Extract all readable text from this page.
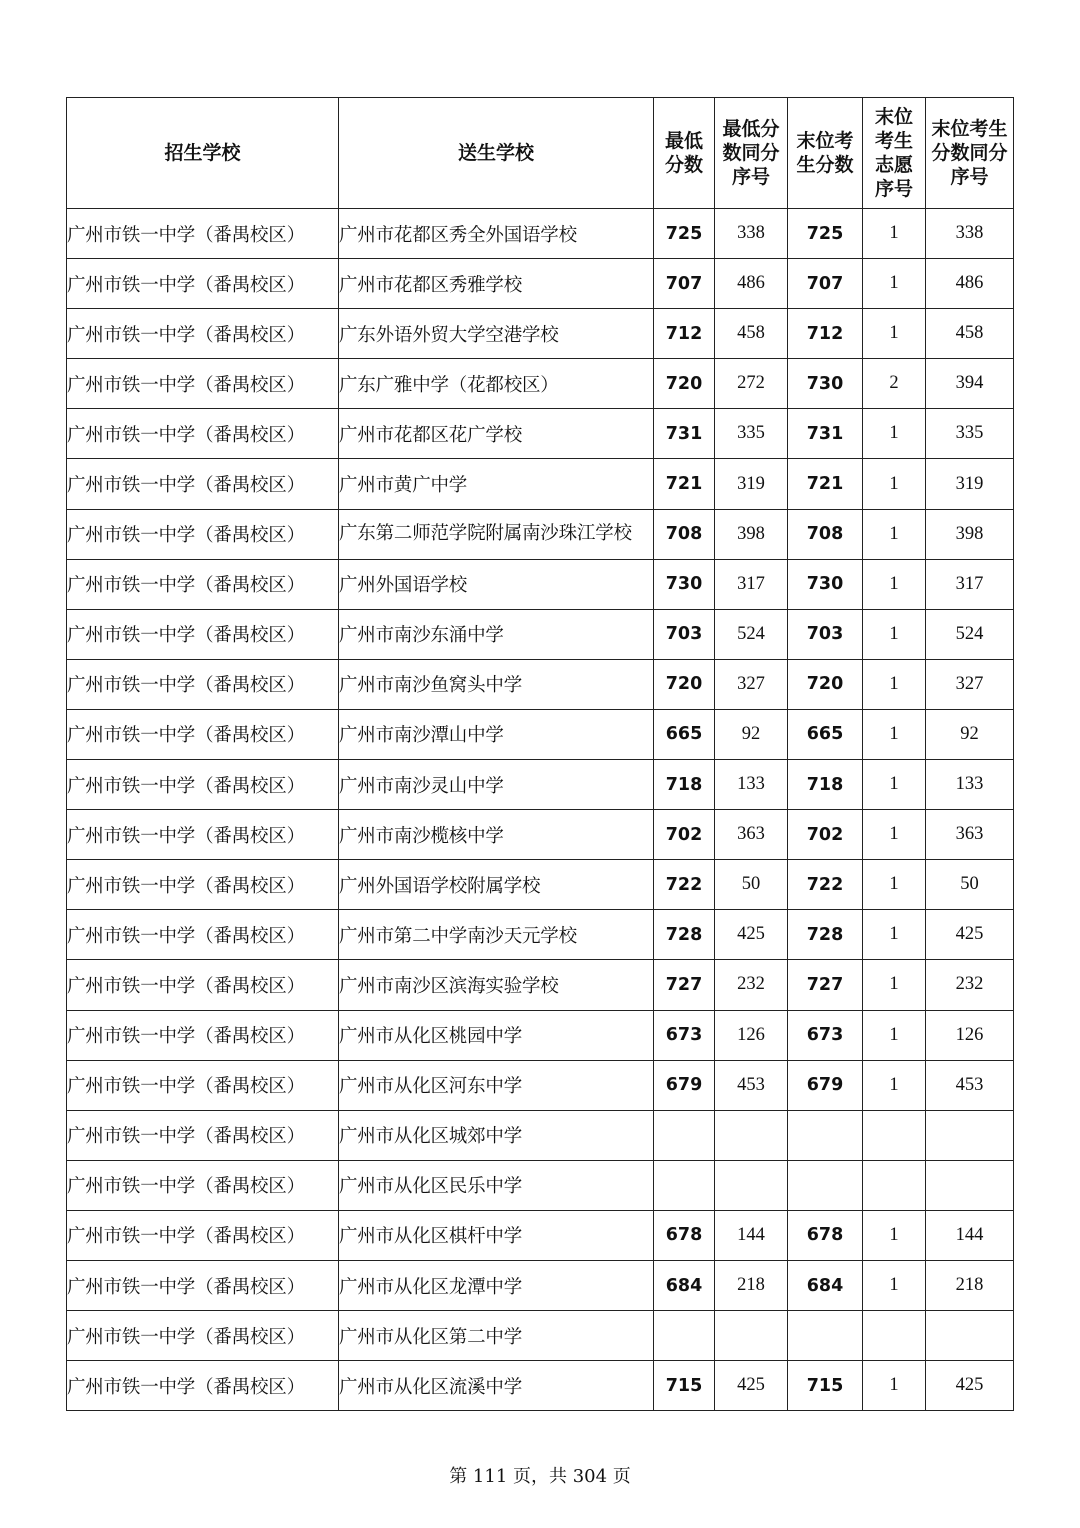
招生学校	送生学校	最低分数	最低分数同分序号	末位考生分数	末位考生志愿序号	末位考生分数同分序号
广州市铁一中学（番禺校区）	广州市花都区秀全外国语学校	725	338	725	1	338
广州市铁一中学（番禺校区）	广州市花都区秀雅学校	707	486	707	1	486
广州市铁一中学（番禺校区）	广东外语外贸大学空港学校	712	458	712	1	458
广州市铁一中学（番禺校区）	广东广雅中学（花都校区）	720	272	730	2	394
广州市铁一中学（番禺校区）	广州市花都区花广学校	731	335	731	1	335
广州市铁一中学（番禺校区）	广州市黄广中学	721	319	721	1	319
广州市铁一中学（番禺校区）	广东第二师范学院附属南沙珠江学校	708	398	708	1	398
广州市铁一中学（番禺校区）	广州外国语学校	730	317	730	1	317
广州市铁一中学（番禺校区）	广州市南沙东涌中学	703	524	703	1	524
广州市铁一中学（番禺校区）	广州市南沙鱼窝头中学	720	327	720	1	327
广州市铁一中学（番禺校区）	广州市南沙潭山中学	665	92	665	1	92
广州市铁一中学（番禺校区）	广州市南沙灵山中学	718	133	718	1	133
广州市铁一中学（番禺校区）	广州市南沙榄核中学	702	363	702	1	363
广州市铁一中学（番禺校区）	广州外国语学校附属学校	722	50	722	1	50
广州市铁一中学（番禺校区）	广州市第二中学南沙天元学校	728	425	728	1	425
广州市铁一中学（番禺校区）	广州市南沙区滨海实验学校	727	232	727	1	232
广州市铁一中学（番禺校区）	广州市从化区桃园中学	673	126	673	1	126
广州市铁一中学（番禺校区）	广州市从化区河东中学	679	453	679	1	453
广州市铁一中学（番禺校区）	广州市从化区城郊中学					
广州市铁一中学（番禺校区）	广州市从化区民乐中学					
广州市铁一中学（番禺校区）	广州市从化区棋杆中学	678	144	678	1	144
广州市铁一中学（番禺校区）	广州市从化区龙潭中学	684	218	684	1	218
广州市铁一中学（番禺校区）	广州市从化区第二中学					
广州市铁一中学（番禺校区）	广州市从化区流溪中学	715	425	715	1	425
第 111 页，共 304 页
